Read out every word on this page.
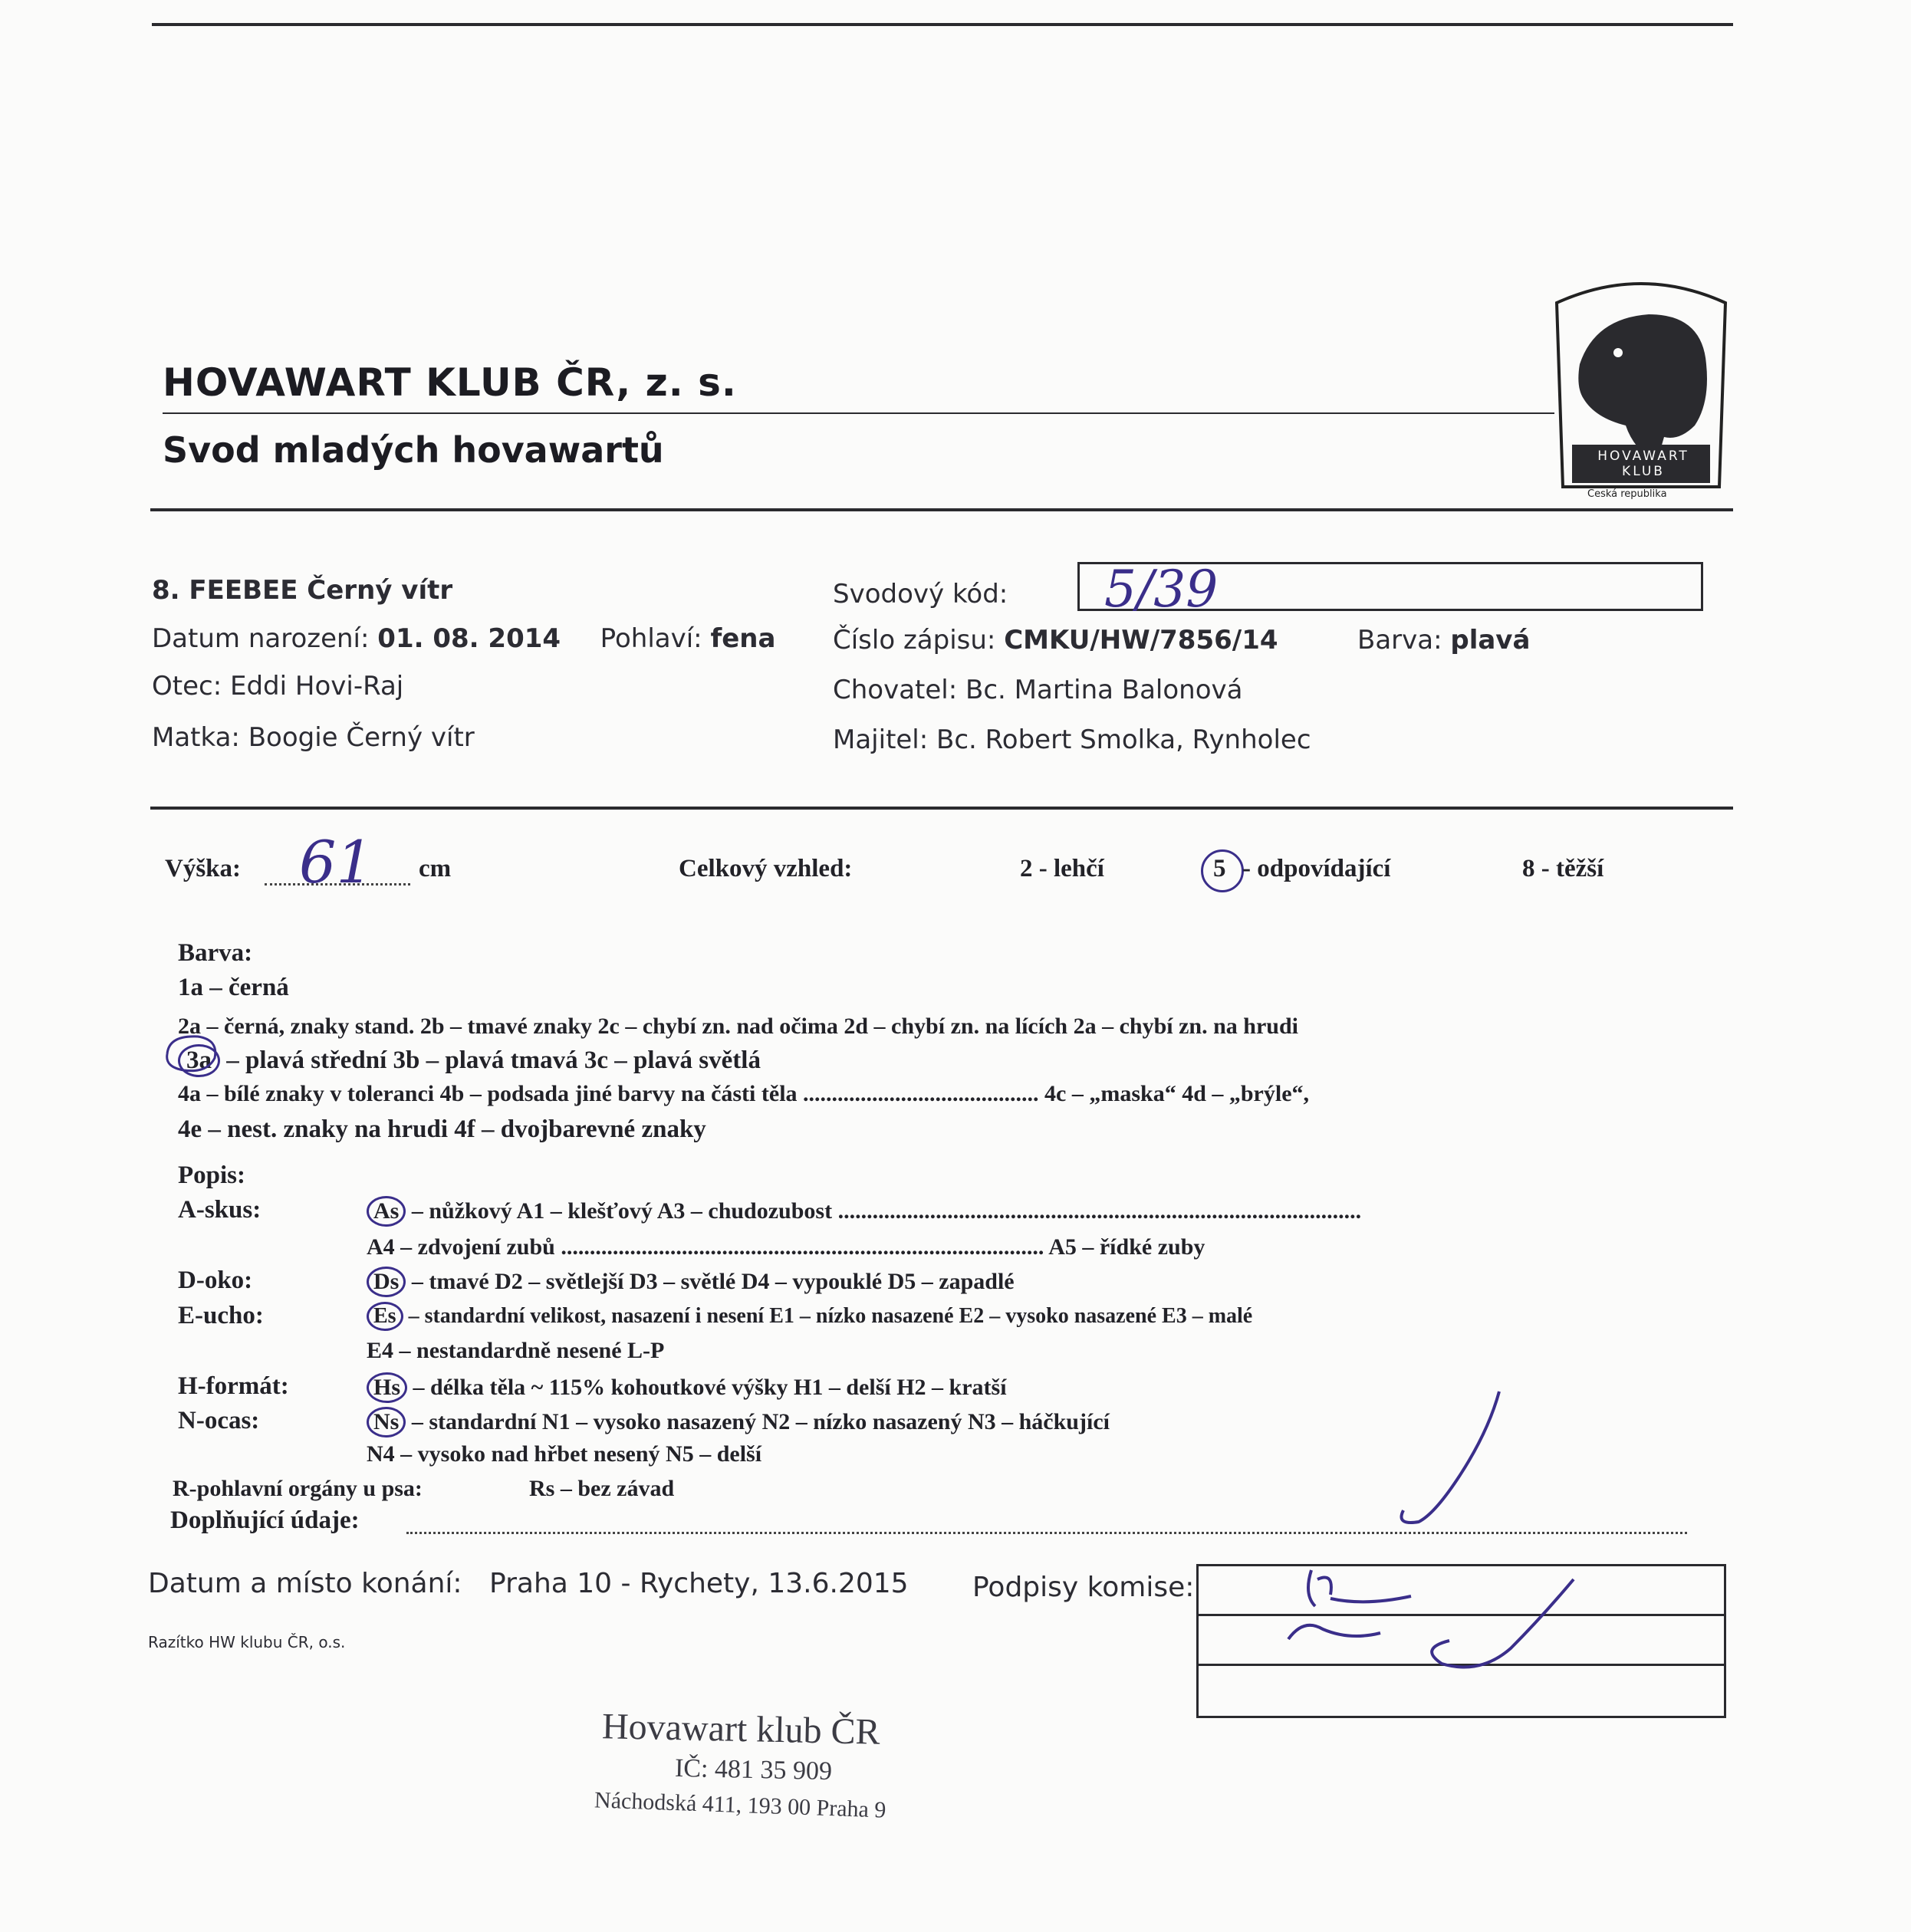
HOVAWART KLUB
Česká republika
HOVAWART KLUB ČR, z. s.
Svod mladých hovawartů
8. FEEBEE Černý vítr
Datum narození: 01. 08. 2014 Pohlaví: fena
Otec: Eddi Hovi-Raj
Matka: Boogie Černý vítr
Svodový kód: 5/39
Číslo zápisu: CMKU/HW/7856/14	Barva: plavá
Chovatel: Bc. Martina Balonová
Majitel: Bc. Robert Smolka, Rynholec
Výška: 61 cm	Celkový vzhled:	2 - lehčí	5 - odpovídající	8 - těžší
Barva:
1a – černá
2a – černá, znaky stand. 2b – tmavé znaky 2c – chybí zn. nad očima 2d – chybí zn. na lících 2a – chybí zn. na hrudi
3a – plavá střední 3b – plavá tmavá 3c – plavá světlá
4a – bílé znaky v toleranci 4b – podsada jiné barvy na části těla ......................................... 4c – „maska“ 4d – „brýle“,
4e – nest. znaky na hrudi 4f – dvojbarevné znaky
Popis:
A-skus:	As – nůžkový A1 – klešťový A3 – chudozubost ...........................................................................................
A4 – zdvojení zubů .................................................................................... A5 – řídké zuby
D-oko:	Ds – tmavé D2 – světlejší D3 – světlé D4 – vypouklé D5 – zapadlé
E-ucho:	Es – standardní velikost, nasazení i nesení E1 – nízko nasazené E2 – vysoko nasazené E3 – malé
E4 – nestandardně nesené L-P
H-formát:	Hs – délka těla ~ 115% kohoutkové výšky H1 – delší H2 – kratší
N-ocas:	Ns – standardní N1 – vysoko nasazený N2 – nízko nasazený N3 – háčkující
N4 – vysoko nad hřbet nesený N5 – delší
R-pohlavní orgány u psa:	Rs – bez závad
Doplňující údaje:
Datum a místo konání: Praha 10 - Rychety, 13.6.2015 Podpisy komise:
Razítko HW klubu ČR, o.s.
Hovawart klub ČR
IČ: 481 35 909
Náchodská 411, 193 00 Praha 9
